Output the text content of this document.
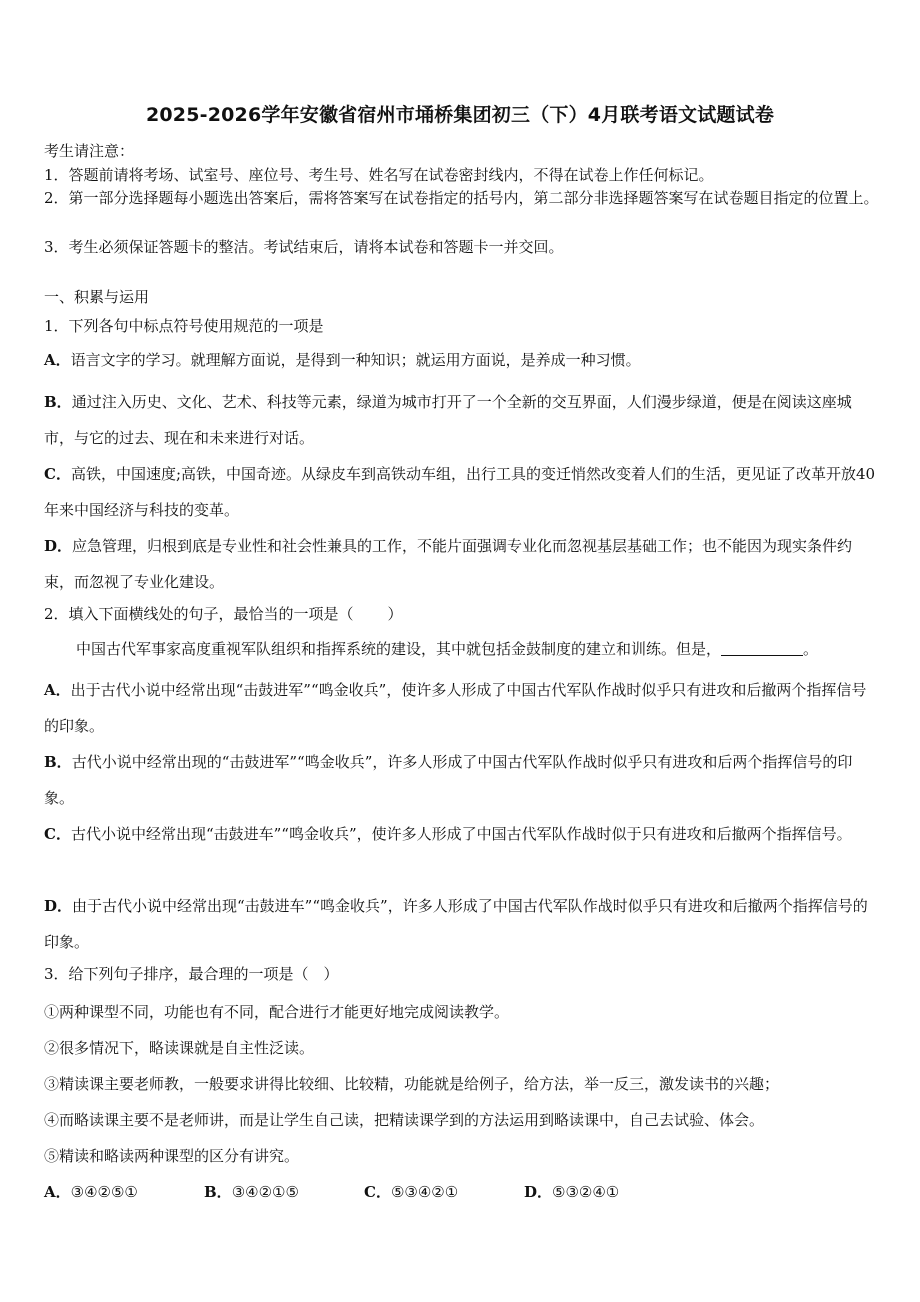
2025-2026学年安徽省宿州市埇桥集团初三（下）4月联考语文试题试卷
考生请注意：
1．答题前请将考场、试室号、座位号、考生号、姓名写在试卷密封线内，不得在试卷上作任何标记。
2．第一部分选择题每小题选出答案后，需将答案写在试卷指定的括号内，第二部分非选择题答案写在试卷题目指定的位置上。
3．考生必须保证答题卡的整洁。考试结束后，请将本试卷和答题卡一并交回。
一、积累与运用
1．下列各句中标点符号使用规范的一项是
A．语言文字的学习。就理解方面说，是得到一种知识；就运用方面说，是养成一种习惯。
B．通过注入历史、文化、艺术、科技等元素，绿道为城市打开了一个全新的交互界面，人们漫步绿道，便是在阅读这座城市，与它的过去、现在和未来进行对话。
C．高铁，中国速度;高铁，中国奇迹。从绿皮车到高铁动车组，出行工具的变迁悄然改变着人们的生活，更见证了改革开放40年来中国经济与科技的变革。
D．应急管理，归根到底是专业性和社会性兼具的工作，不能片面强调专业化而忽视基层基础工作；也不能因为现实条件约束，而忽视了专业化建设。
2．填入下面横线处的句子，最恰当的一项是（ ）
中国古代军事家高度重视军队组织和指挥系统的建设，其中就包括金鼓制度的建立和训练。但是，	。
A．出于古代小说中经常出现“击鼓进军”“鸣金收兵”，使许多人形成了中国古代军队作战时似乎只有进攻和后撤两个指挥信号的印象。
B．古代小说中经常出现的“击鼓进军”“鸣金收兵”，许多人形成了中国古代军队作战时似乎只有进攻和后两个指挥信号的印象。
C．古代小说中经常出现“击鼓进车”“鸣金收兵”，使许多人形成了中国古代军队作战时似于只有进攻和后撤两个指挥信号。
D．由于古代小说中经常出现“击鼓进车”“鸣金收兵”，许多人形成了中国古代军队作战时似乎只有进攻和后撤两个指挥信号的印象。
3．给下列句子排序，最合理的一项是（　）
①两种课型不同，功能也有不同，配合进行才能更好地完成阅读教学。
②很多情况下，略读课就是自主性泛读。
③精读课主要老师教，一般要求讲得比较细、比较精，功能就是给例子，给方法，举一反三，激发读书的兴趣；
④而略读课主要不是老师讲，而是让学生自己读，把精读课学到的方法运用到略读课中，自己去试验、体会。
⑤精读和略读两种课型的区分有讲究。
A．③④②⑤①	B．③④②①⑤	C．⑤③④②①	D．⑤③②④①
